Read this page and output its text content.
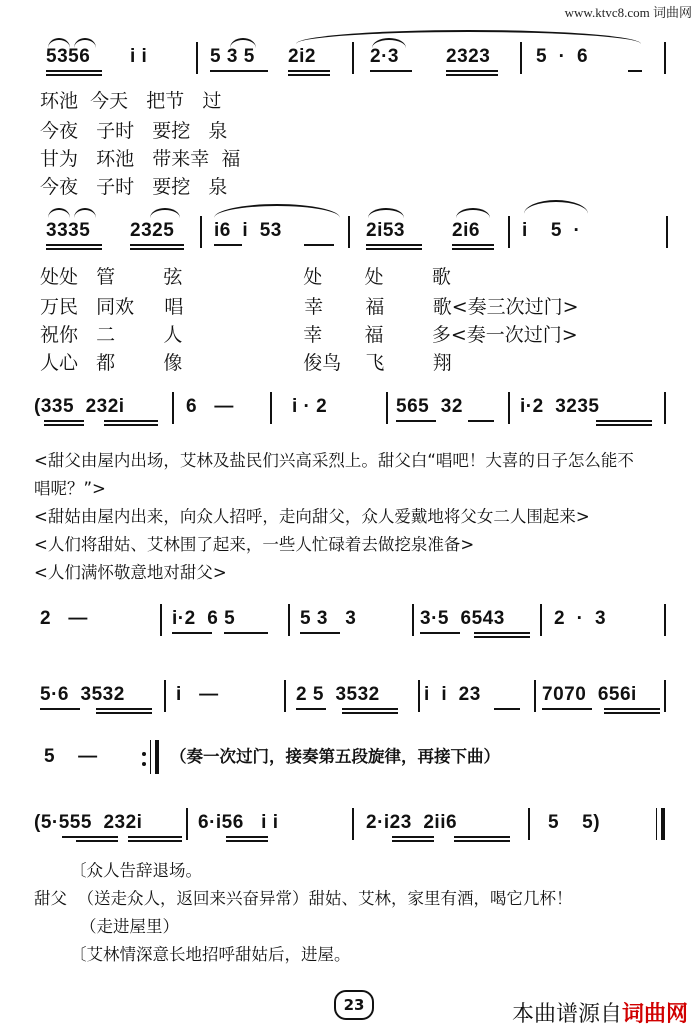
www.ktvc8.com 词曲网
5356 i i	5 3 5 2i2	2·3 2323 5  ·  6
环池  今天   把节   过
今夜   子时   要挖   泉
甘为   环池   带来幸  福
今夜   子时   要挖   泉
3335 2325 i6  i  53	2i53 2i6 i    5  ·
处处   管        弦                    处       处        歌
万民   同欢     唱                    幸       福        歌<奏三次过门>
祝你   二        人                    幸       福        多<奏一次过门>
人心   都        像                    俊鸟    飞        翔
(335  232i	6   —	i · 2	565  32	i·2  3235
<甜父由屋内出场，艾林及盐民们兴高采烈上。甜父白“唱吧！大喜的日子怎么能不
唱呢？”>
<甜姑由屋内出来，向众人招呼，走向甜父，众人爱戴地将父女二人围起来>
<人们将甜姑、艾林围了起来，一些人忙碌着去做挖泉准备>
<人们满怀敬意地对甜父>
2   —	i·2  6 5	5 3   3	3·5  6543	2  ·  3
5·6  3532	i   —	2 5  3532 i  i  23	7070  656i
5    —	（奏一次过门，接奏第五段旋律，再接下曲）
(5·555  232i	6·i56   i i	2·i23  2ii6	5    5)
〔众人告辞退场。
甜父  （送走众人，返回来兴奋异常）甜姑、艾林，家里有酒，喝它几杯！
（走进屋里）
〔艾林情深意长地招呼甜姑后，进屋。
23	本曲谱源自词曲网
